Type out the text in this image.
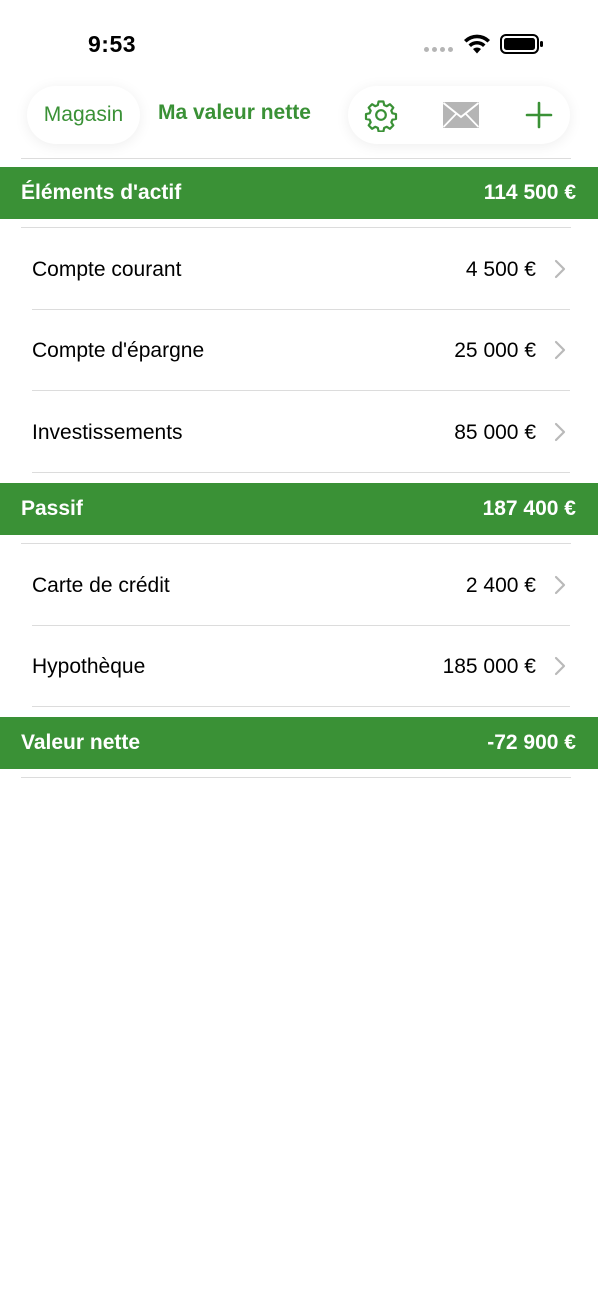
9:53
Magasin	Ma valeur nette
Éléments d'actif	114 500 €
Compte courant	4 500 €
Compte d'épargne	25 000 €
Investissements	85 000 €
Passif	187 400 €
Carte de crédit	2 400 €
Hypothèque	185 000 €
Valeur nette	-72 900 €
